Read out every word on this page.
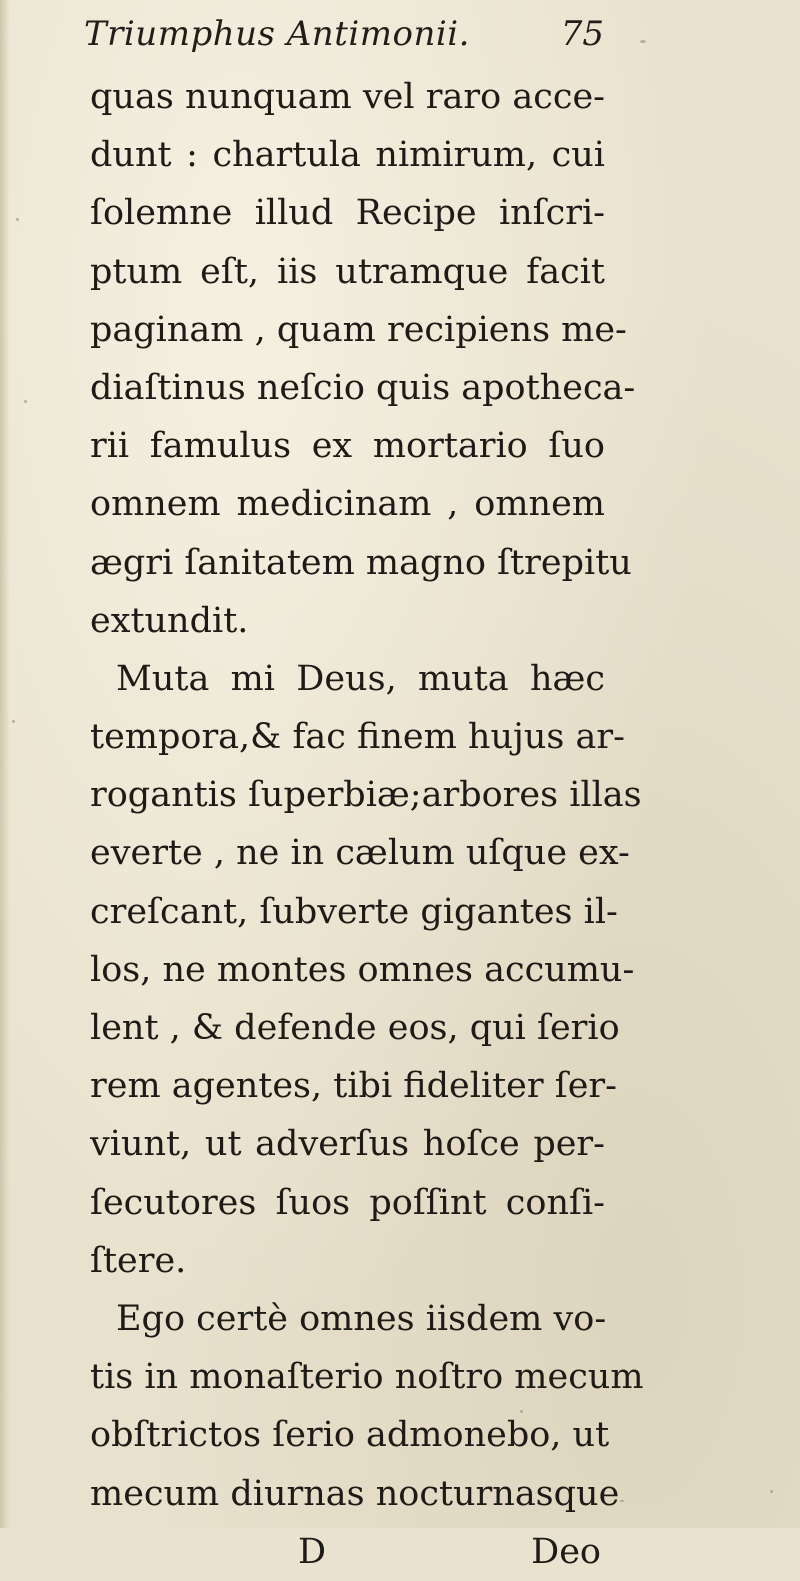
Triumphus Antimonii.	75
quas nunquam vel raro acce-
dunt : chartula nimirum, cui
ſolemne illud Recipe inſcri-
ptum eſt, iis utramque facit
paginam , quam recipiens me-
diaſtinus neſcio quis apotheca-
rii famulus ex mortario ſuo
omnem medicinam , omnem
ægri ſanitatem magno ſtrepitu
extundit.
Muta mi Deus, muta hæc
tempora,& fac finem hujus ar-
rogantis ſuperbiæ;arbores illas
everte , ne in cælum uſque ex-
creſcant, ſubverte gigantes il-
los, ne montes omnes accumu-
lent , & defende eos, qui ſerio
rem agentes, tibi fideliter ſer-
viunt, ut adverſus hoſce per-
ſecutores ſuos poſſint conſi-
ſtere.
Ego certè omnes iisdem vo-
tis in monaſterio noſtro mecum
obſtrictos ſerio admonebo, ut
mecum diurnas nocturnasque
D	Deo
